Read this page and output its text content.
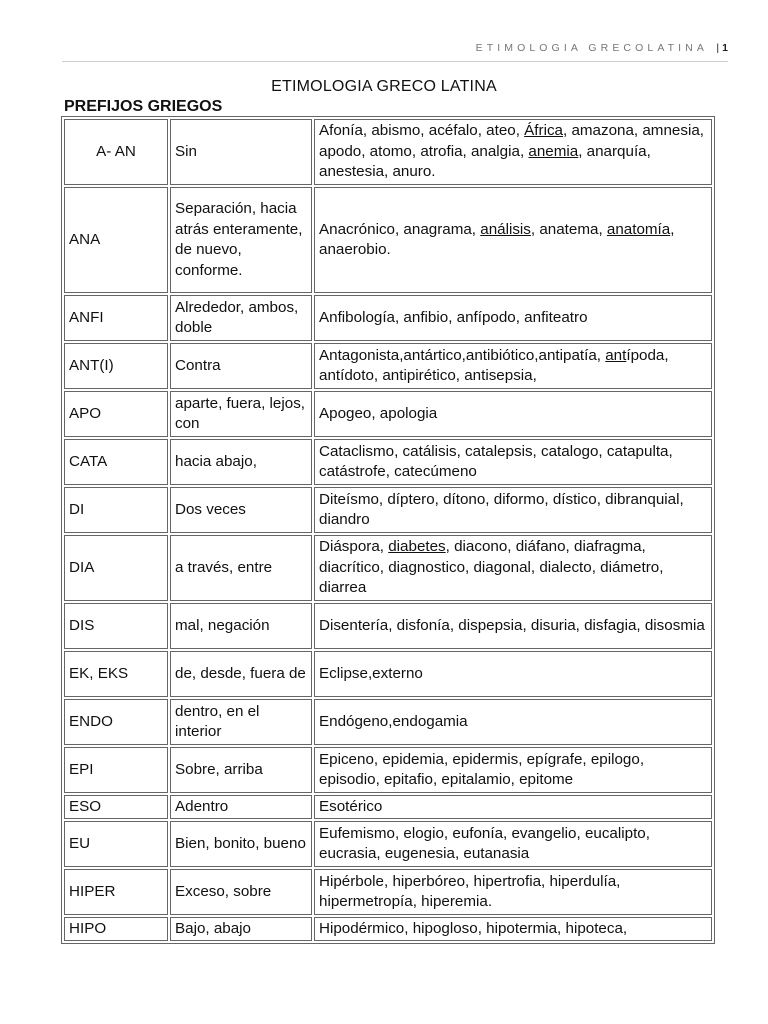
ETIMOLOGIA GRECOLATINA | 1
ETIMOLOGIA GRECO LATINA
PREFIJOS GRIEGOS
A- AN	Sin	Afonía, abismo, acéfalo, ateo, África, amazona, amnesia, apodo, atomo, atrofia, analgia, anemia, anarquía, anestesia, anuro.
ANA	Separación, hacia atrás enteramente, de nuevo, conforme.	Anacrónico, anagrama, análisis, anatema, anatomía, anaerobio.
ANFI	Alrededor, ambos, doble	Anfibología, anfibio, anfípodo, anfiteatro
ANT(I)	Contra	Antagonista,antártico,antibiótico,antipatía, antípoda, antídoto, antipirético, antisepsia,
APO	aparte, fuera, lejos, con	Apogeo, apologia
CATA	hacia abajo,	Cataclismo, catálisis, catalepsis, catalogo, catapulta, catástrofe, catecúmeno
DI	Dos veces	Diteísmo, díptero, dítono, diformo, dístico, dibranquial, diandro
DIA	a través, entre	Diáspora, diabetes, diacono, diáfano, diafragma, diacrítico, diagnostico, diagonal, dialecto, diámetro, diarrea
DIS	mal, negación	Disentería, disfonía, dispepsia, disuria, disfagia, disosmia
EK, EKS	de, desde, fuera de	Eclipse,externo
ENDO	dentro, en el interior	Endógeno,endogamia
EPI	Sobre, arriba	Epiceno, epidemia, epidermis, epígrafe, epilogo, episodio, epitafio, epitalamio, epitome
ESO	Adentro	Esotérico
EU	Bien, bonito, bueno	Eufemismo, elogio, eufonía, evangelio, eucalipto, eucrasia, eugenesia, eutanasia
HIPER	Exceso, sobre	Hipérbole, hiperbóreo, hipertrofia, hiperdulía, hipermetropía, hiperemia.
HIPO	Bajo, abajo	Hipodérmico, hipogloso, hipotermia, hipoteca,
